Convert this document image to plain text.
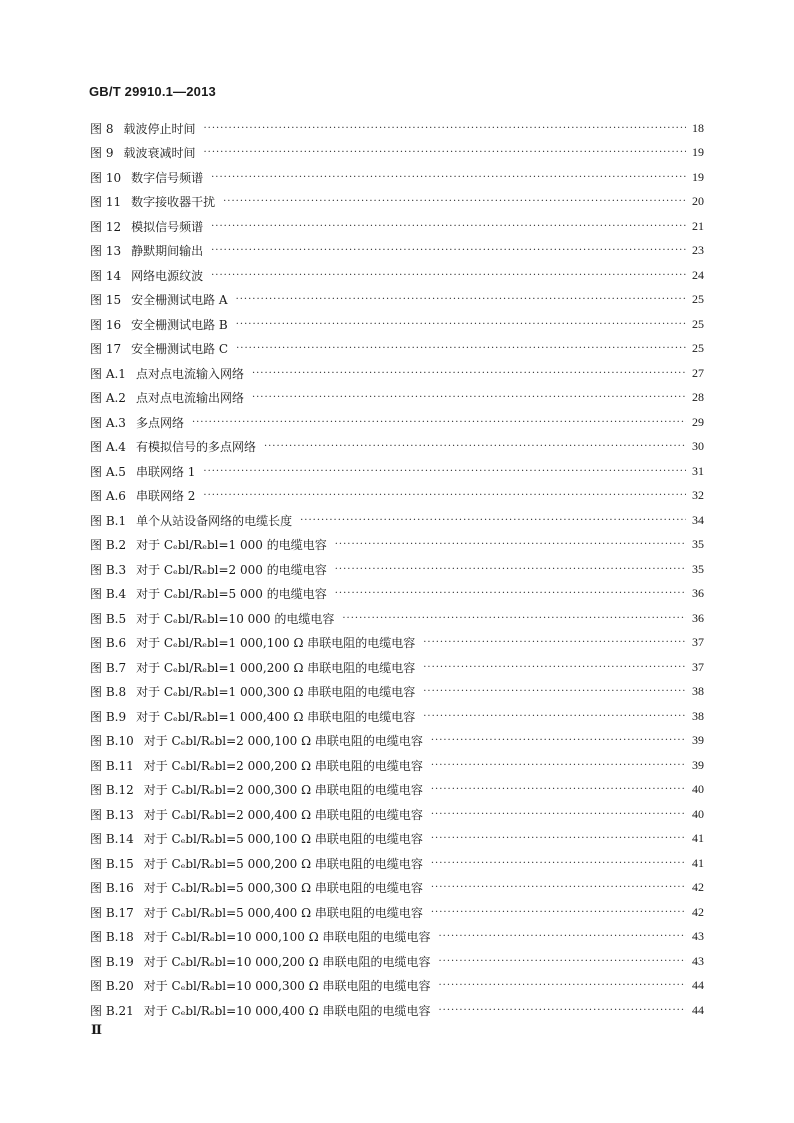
GB/T 29910.1—2013
图 8 载波停止时间 ·····	18
图 9 载波衰减时间 ·····	19
图 10 数字信号频谱 ·····	19
图 11 数字接收器干扰 ·····	20
图 12 模拟信号频谱 ·····	21
图 13 静默期间输出 ·····	23
图 14 网络电源纹波 ·····	24
图 15 安全栅测试电路 A ·····	25
图 16 安全栅测试电路 B ·····	25
图 17 安全栅测试电路 C ·····	25
图 A.1 点对点电流输入网络 ·····	27
图 A.2 点对点电流输出网络 ·····	28
图 A.3 多点网络 ·····	29
图 A.4 有模拟信号的多点网络 ·····	30
图 A.5 串联网络 1 ·····	31
图 A.6 串联网络 2 ·····	32
图 B.1 单个从站设备网络的电缆长度 ·····	34
图 B.2 对于 Cₑbl/Rₑbl=1 000 的电缆电容 ·····	35
图 B.3 对于 Cₑbl/Rₑbl=2 000 的电缆电容 ·····	35
图 B.4 对于 Cₑbl/Rₑbl=5 000 的电缆电容 ·····	36
图 B.5 对于 Cₑbl/Rₑbl=10 000 的电缆电容 ·····	36
图 B.6 对于 Cₑbl/Rₑbl=1 000,100 Ω 串联电阻的电缆电容 ·····	37
图 B.7 对于 Cₑbl/Rₑbl=1 000,200 Ω 串联电阻的电缆电容 ·····	37
图 B.8 对于 Cₑbl/Rₑbl=1 000,300 Ω 串联电阻的电缆电容 ·····	38
图 B.9 对于 Cₑbl/Rₑbl=1 000,400 Ω 串联电阻的电缆电容 ·····	38
图 B.10 对于 Cₑbl/Rₑbl=2 000,100 Ω 串联电阻的电缆电容 ·····	39
图 B.11 对于 Cₑbl/Rₑbl=2 000,200 Ω 串联电阻的电缆电容 ·····	39
图 B.12 对于 Cₑbl/Rₑbl=2 000,300 Ω 串联电阻的电缆电容 ·····	40
图 B.13 对于 Cₑbl/Rₑbl=2 000,400 Ω 串联电阻的电缆电容 ·····	40
图 B.14 对于 Cₑbl/Rₑbl=5 000,100 Ω 串联电阻的电缆电容 ·····	41
图 B.15 对于 Cₑbl/Rₑbl=5 000,200 Ω 串联电阻的电缆电容 ·····	41
图 B.16 对于 Cₑbl/Rₑbl=5 000,300 Ω 串联电阻的电缆电容 ·····	42
图 B.17 对于 Cₑbl/Rₑbl=5 000,400 Ω 串联电阻的电缆电容 ·····	42
图 B.18 对于 Cₑbl/Rₑbl=10 000,100 Ω 串联电阻的电缆电容 ·····	43
图 B.19 对于 Cₑbl/Rₑbl=10 000,200 Ω 串联电阻的电缆电容 ·····	43
图 B.20 对于 Cₑbl/Rₑbl=10 000,300 Ω 串联电阻的电缆电容 ·····	44
图 B.21 对于 Cₑbl/Rₑbl=10 000,400 Ω 串联电阻的电缆电容 ·····	44
Ⅱ
